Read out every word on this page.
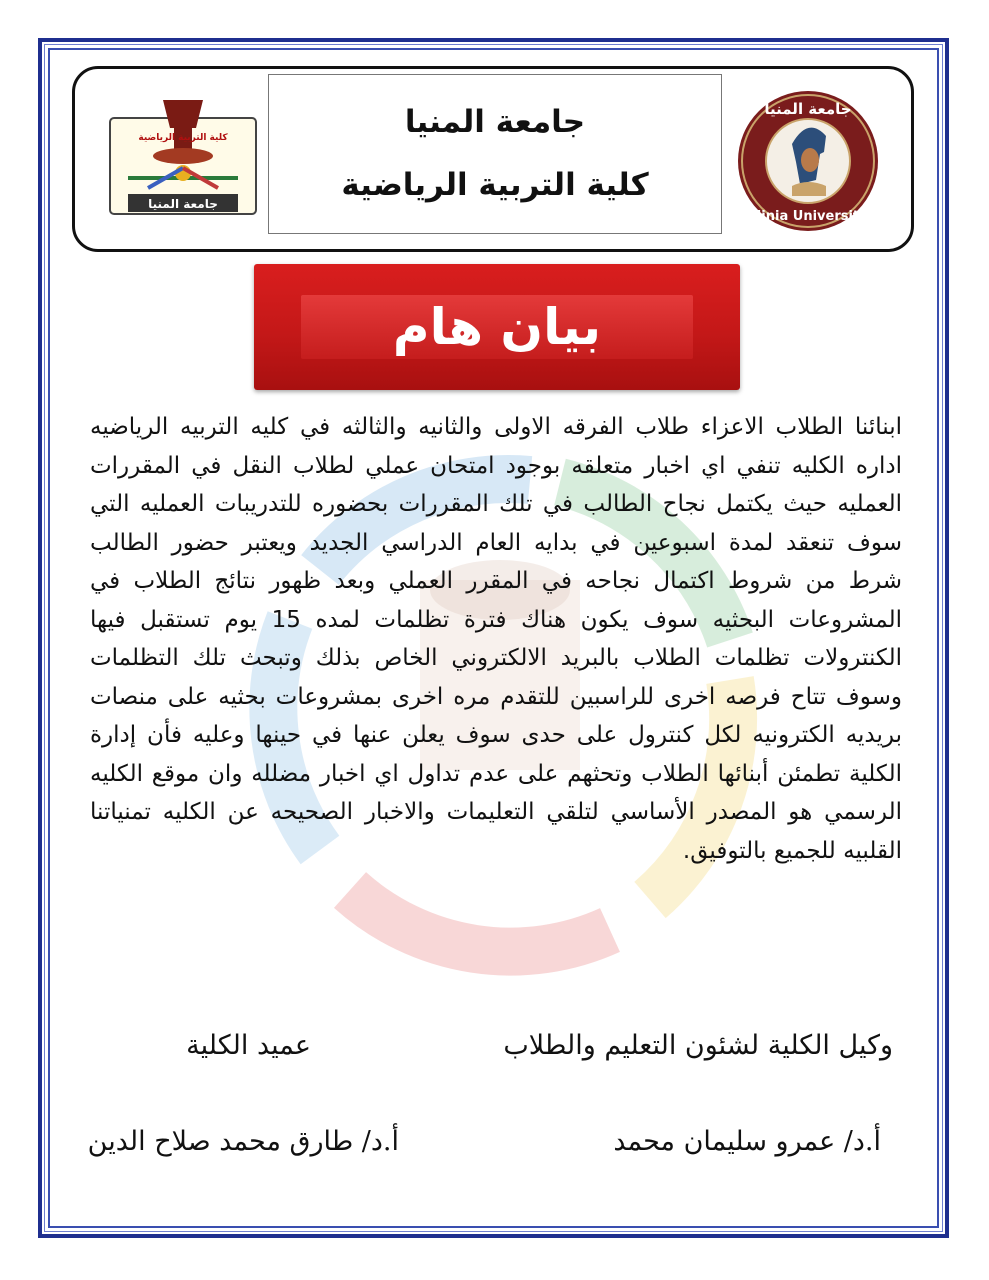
كلية التربية الرياضية
جامعة المنيا
جامعة المنيا
كلية التربية الرياضية
جامعة المنيا
Minia University
بيان هام
ابنائنا الطلاب الاعزاء طلاب الفرقه الاولى والثانيه والثالثه في كليه التربيه الرياضيه اداره الكليه تنفي اي اخبار متعلقه بوجود امتحان عملي لطلاب النقل في المقررات العمليه حيث يكتمل نجاح الطالب في تلك المقررات بحضوره للتدريبات العمليه التي سوف تنعقد لمدة اسبوعين في بدايه العام الدراسي الجديد ويعتبر حضور الطالب شرط من شروط اكتمال نجاحه في المقرر العملي وبعد ظهور نتائج الطلاب في المشروعات البحثيه سوف يكون هناك فترة تظلمات لمده 15 يوم تستقبل فيها الكنترولات تظلمات الطلاب بالبريد الالكتروني الخاص بذلك وتبحث تلك التظلمات وسوف تتاح فرصه اخرى للراسبين للتقدم مره اخرى بمشروعات بحثيه على منصات بريديه الكترونيه لكل كنترول على حدى سوف يعلن عنها في حينها وعليه فأن إدارة الكلية تطمئن أبنائها الطلاب وتحثهم على عدم تداول اي اخبار مضلله وان موقع الكليه الرسمي هو المصدر الأساسي لتلقي التعليمات والاخبار الصحيحه عن الكليه تمنياتنا القلبيه للجميع بالتوفيق.
وكيل الكلية لشئون التعليم والطلاب
عميد الكلية
أ.د/ عمرو سليمان محمد
أ.د/ طارق محمد صلاح الدين
